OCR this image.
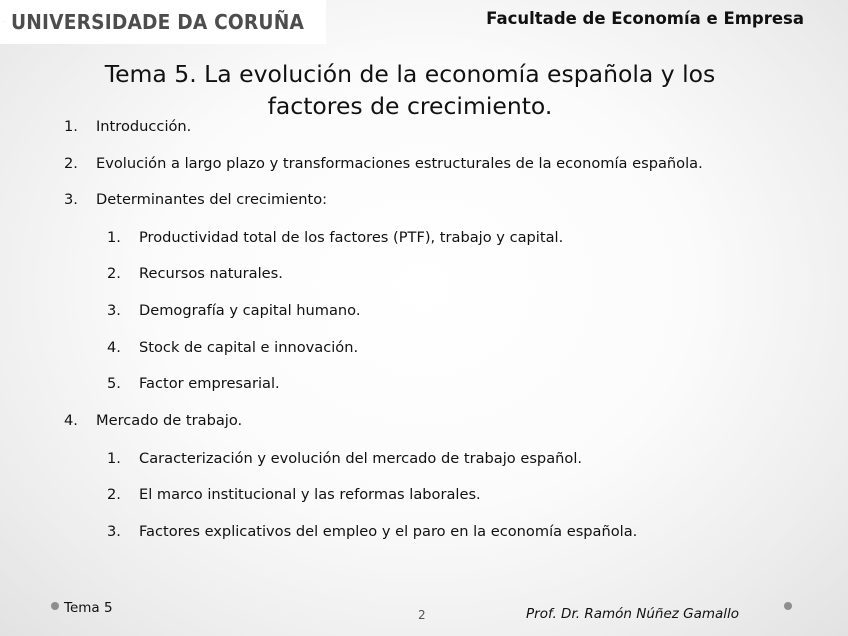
UNIVERSIDADE DA CORUÑA	Facultade de Economía e Empresa
Tema 5. La evolución de la economía española y los
factores de crecimiento.
1. Introducción.
2. Evolución a largo plazo y transformaciones estructurales de la economía española.
3. Determinantes del crecimiento:
1. Productividad total de los factores (PTF), trabajo y capital.
2. Recursos naturales.
3. Demografía y capital humano.
4. Stock de capital e innovación.
5. Factor empresarial.
4. Mercado de trabajo.
1. Caracterización y evolución del mercado de trabajo español.
2. El marco institucional y las reformas laborales.
3. Factores explicativos del empleo y el paro en la economía española.
Tema 5	2	Prof. Dr. Ramón Núñez Gamallo
